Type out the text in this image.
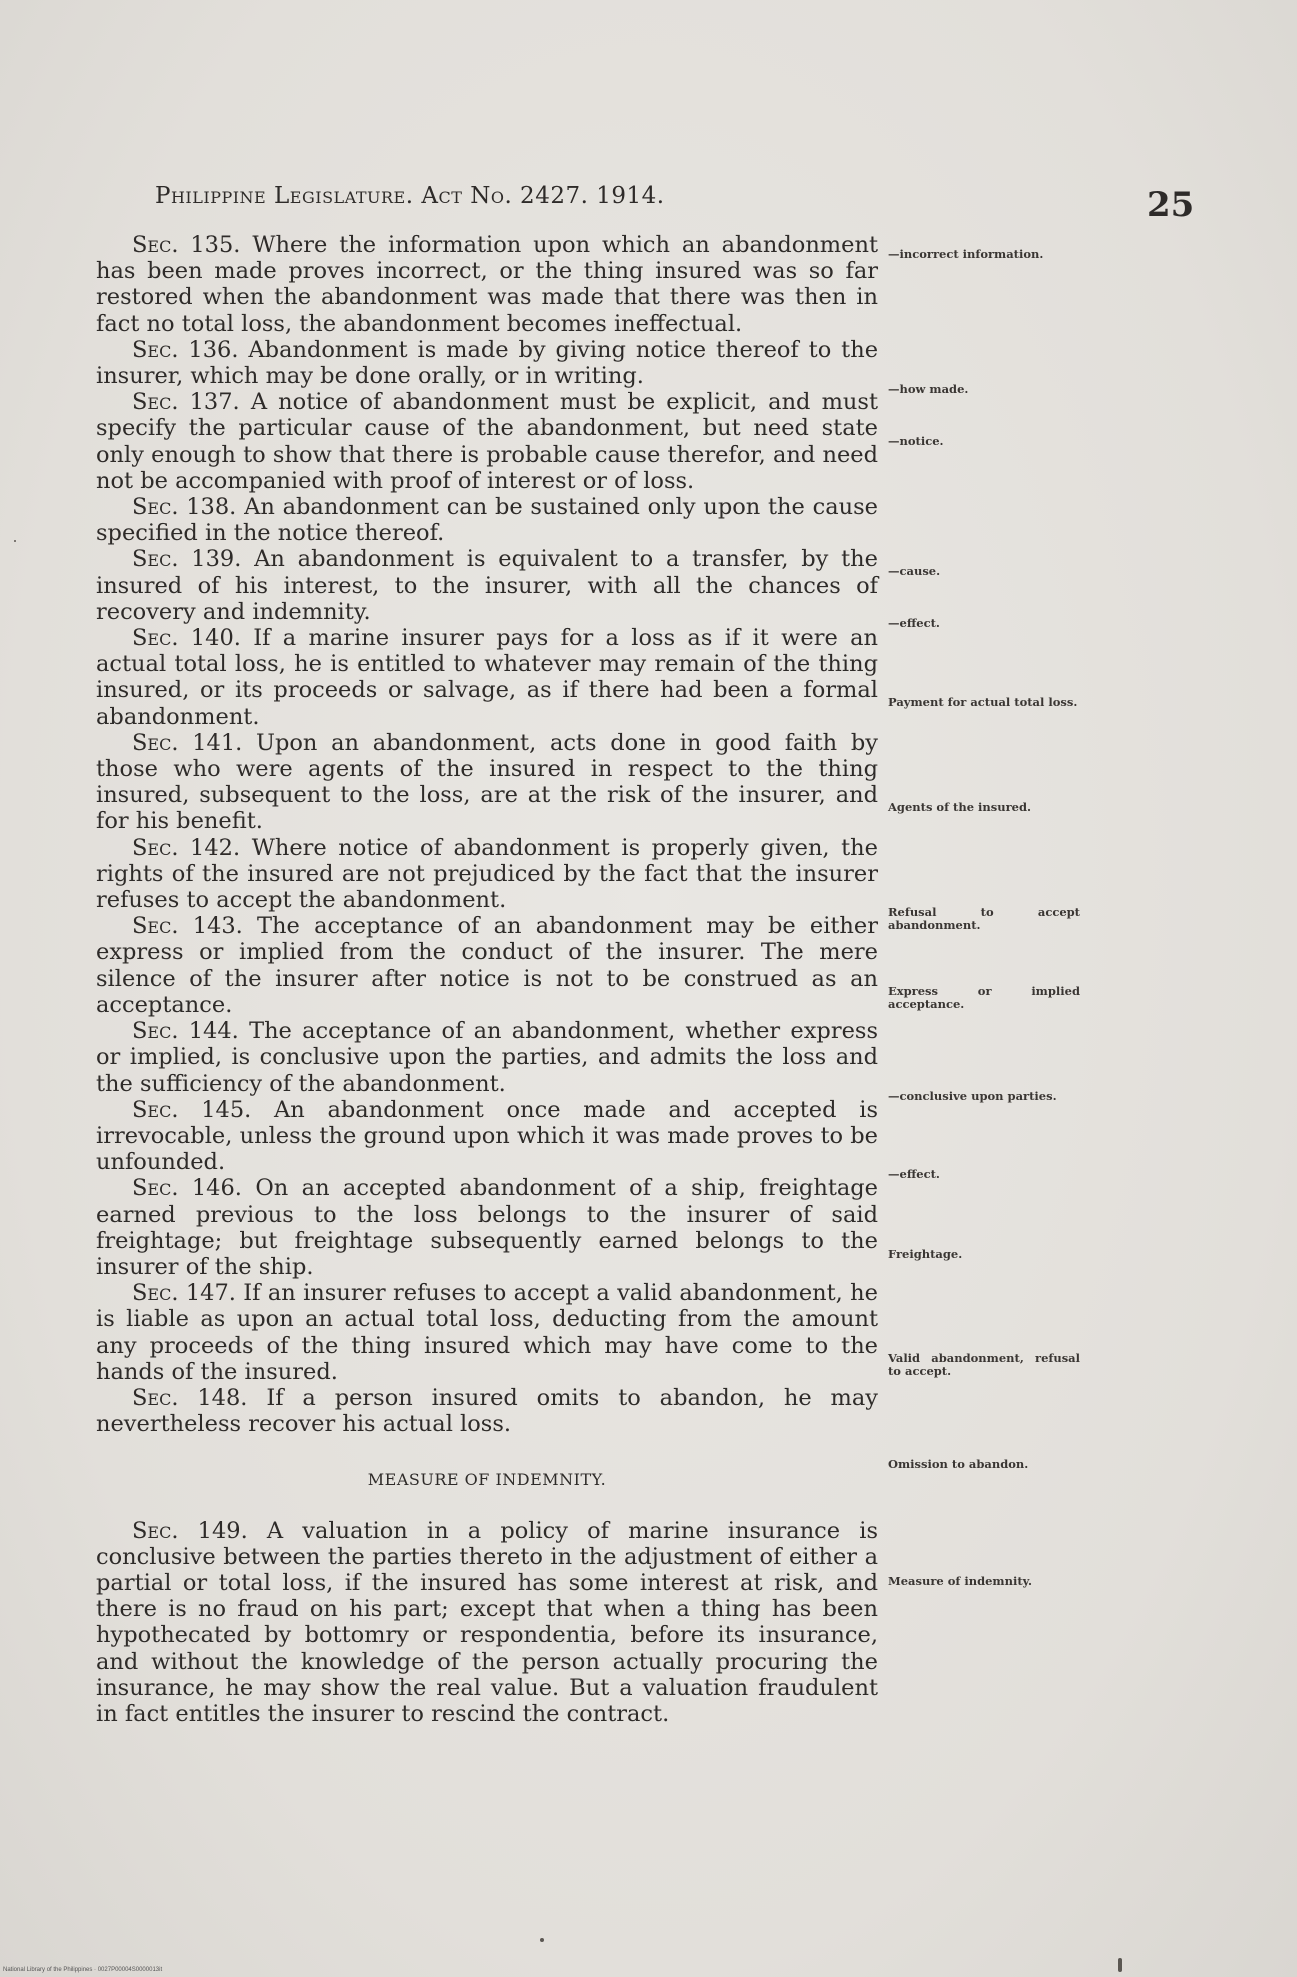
Philippine Legislature. Act No. 2427. 1914.	25

Sec. 135. Where the information upon which an abandonment has been made proves incorrect, or the thing insured was so far restored when the abandonment was made that there was then in fact no total loss, the abandonment becomes ineffectual.

Sec. 136. Abandonment is made by giving notice thereof to the insurer, which may be done orally, or in writing.

Sec. 137. A notice of abandonment must be explicit, and must specify the particular cause of the abandonment, but need state only enough to show that there is probable cause therefor, and need not be accompanied with proof of interest or of loss.

Sec. 138. An abandonment can be sustained only upon the cause specified in the notice thereof.

Sec. 139. An abandonment is equivalent to a transfer, by the insured of his interest, to the insurer, with all the chances of recovery and indemnity.

Sec. 140. If a marine insurer pays for a loss as if it were an actual total loss, he is entitled to whatever may remain of the thing insured, or its proceeds or salvage, as if there had been a formal abandonment.

Sec. 141. Upon an abandonment, acts done in good faith by those who were agents of the insured in respect to the thing insured, subsequent to the loss, are at the risk of the insurer, and for his benefit.

Sec. 142. Where notice of abandonment is properly given, the rights of the insured are not prejudiced by the fact that the insurer refuses to accept the abandonment.

Sec. 143. The acceptance of an abandonment may be either express or implied from the conduct of the insurer. The mere silence of the insurer after notice is not to be construed as an acceptance.

Sec. 144. The acceptance of an abandonment, whether express or implied, is conclusive upon the parties, and admits the loss and the sufficiency of the abandonment.

Sec. 145. An abandonment once made and accepted is irrevocable, unless the ground upon which it was made proves to be unfounded.

Sec. 146. On an accepted abandonment of a ship, freightage earned previous to the loss belongs to the insurer of said freightage; but freightage subsequently earned belongs to the insurer of the ship.

Sec. 147. If an insurer refuses to accept a valid abandonment, he is liable as upon an actual total loss, deducting from the amount any proceeds of the thing insured which may have come to the hands of the insured.

Sec. 148. If a person insured omits to abandon, he may nevertheless recover his actual loss.

MEASURE OF INDEMNITY.

Sec. 149. A valuation in a policy of marine insurance is conclusive between the parties thereto in the adjustment of either a partial or total loss, if the insured has some interest at risk, and there is no fraud on his part; except that when a thing has been hypothecated by bottomry or respondentia, before its insurance, and without the knowledge of the person actually procuring the insurance, he may show the real value. But a valuation fraudulent in fact entitles the insurer to rescind the contract.

—incorrect information.
—how made.
—notice.
—cause.
—effect.
Payment for actual total loss.
Agents of the insured.
Refusal to accept abandonment.
Express or implied acceptance.
—conclusive upon parties.
—effect.
Freightage.
Valid abandonment, refusal to accept.
Omission to abandon.
Measure of indemnity.
National Library of the Philippines · 0027P00004S0000013it
